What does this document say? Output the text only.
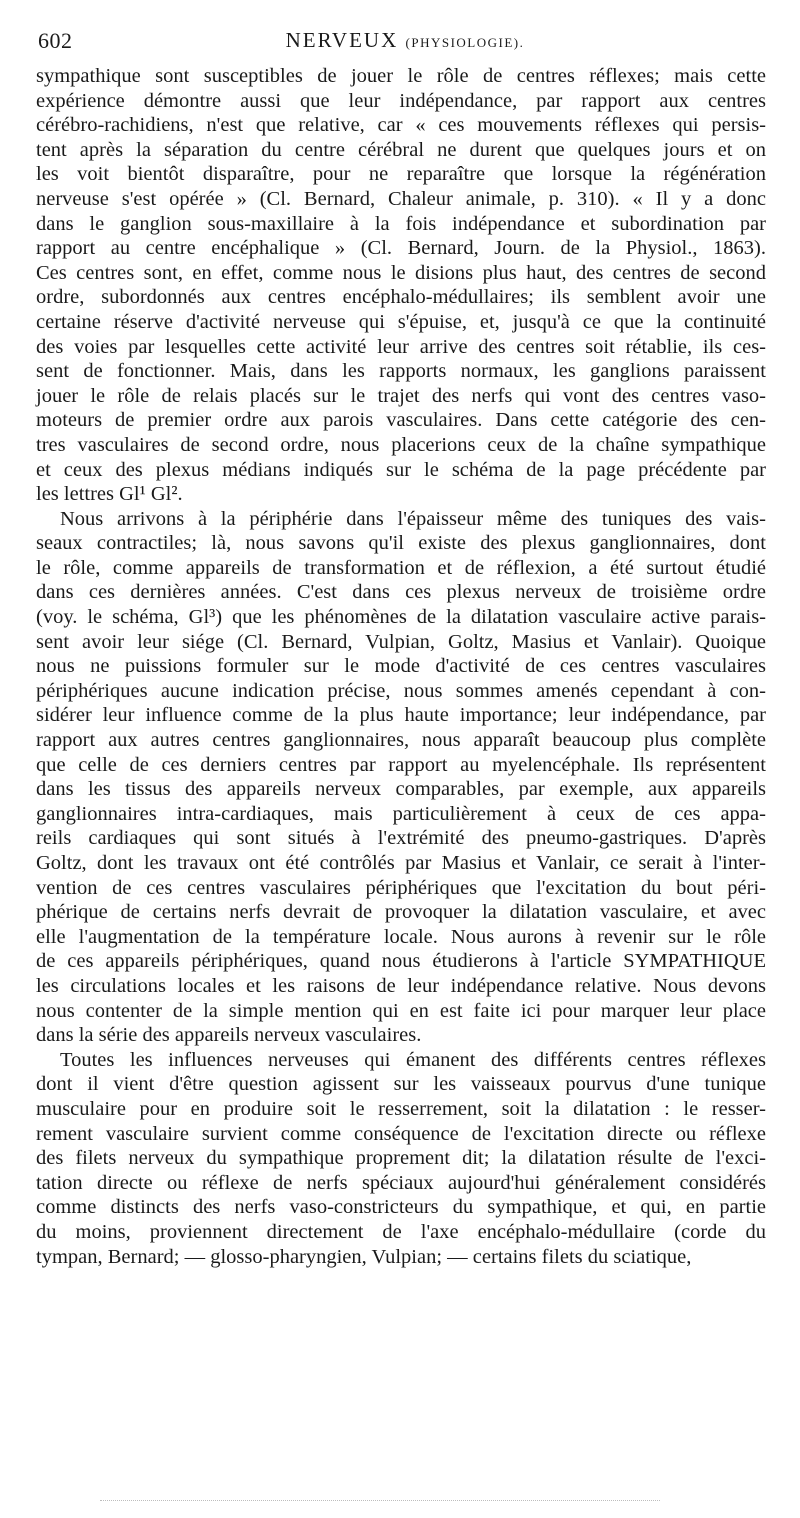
602	NERVEUX (PHYSIOLOGIE).
sympathique sont susceptibles de jouer le rôle de centres réflexes; mais cette
expérience démontre aussi que leur indépendance, par rapport aux centres
cérébro-rachidiens, n'est que relative, car « ces mouvements réflexes qui persis-
tent après la séparation du centre cérébral ne durent que quelques jours et on
les voit bientôt disparaître, pour ne reparaître que lorsque la régénération
nerveuse s'est opérée » (Cl. Bernard, Chaleur animale, p. 310). « Il y a donc
dans le ganglion sous-maxillaire à la fois indépendance et subordination par
rapport au centre encéphalique » (Cl. Bernard, Journ. de la Physiol., 1863).
Ces centres sont, en effet, comme nous le disions plus haut, des centres de second
ordre, subordonnés aux centres encéphalo-médullaires; ils semblent avoir une
certaine réserve d'activité nerveuse qui s'épuise, et, jusqu'à ce que la continuité
des voies par lesquelles cette activité leur arrive des centres soit rétablie, ils ces-
sent de fonctionner. Mais, dans les rapports normaux, les ganglions paraissent
jouer le rôle de relais placés sur le trajet des nerfs qui vont des centres vaso-
moteurs de premier ordre aux parois vasculaires. Dans cette catégorie des cen-
tres vasculaires de second ordre, nous placerions ceux de la chaîne sympathique
et ceux des plexus médians indiqués sur le schéma de la page précédente par
les lettres Gl¹ Gl².
Nous arrivons à la périphérie dans l'épaisseur même des tuniques des vais-
seaux contractiles; là, nous savons qu'il existe des plexus ganglionnaires, dont
le rôle, comme appareils de transformation et de réflexion, a été surtout étudié
dans ces dernières années. C'est dans ces plexus nerveux de troisième ordre
(voy. le schéma, Gl³) que les phénomènes de la dilatation vasculaire active parais-
sent avoir leur siége (Cl. Bernard, Vulpian, Goltz, Masius et Vanlair). Quoique
nous ne puissions formuler sur le mode d'activité de ces centres vasculaires
périphériques aucune indication précise, nous sommes amenés cependant à con-
sidérer leur influence comme de la plus haute importance; leur indépendance, par
rapport aux autres centres ganglionnaires, nous apparaît beaucoup plus complète
que celle de ces derniers centres par rapport au myelencéphale. Ils représentent
dans les tissus des appareils nerveux comparables, par exemple, aux appareils
ganglionnaires intra-cardiaques, mais particulièrement à ceux de ces appa-
reils cardiaques qui sont situés à l'extrémité des pneumo-gastriques. D'après
Goltz, dont les travaux ont été contrôlés par Masius et Vanlair, ce serait à l'inter-
vention de ces centres vasculaires périphériques que l'excitation du bout péri-
phérique de certains nerfs devrait de provoquer la dilatation vasculaire, et avec
elle l'augmentation de la température locale. Nous aurons à revenir sur le rôle
de ces appareils périphériques, quand nous étudierons à l'article SYMPATHIQUE
les circulations locales et les raisons de leur indépendance relative. Nous devons
nous contenter de la simple mention qui en est faite ici pour marquer leur place
dans la série des appareils nerveux vasculaires.
Toutes les influences nerveuses qui émanent des différents centres réflexes
dont il vient d'être question agissent sur les vaisseaux pourvus d'une tunique
musculaire pour en produire soit le resserrement, soit la dilatation : le resser-
rement vasculaire survient comme conséquence de l'excitation directe ou réflexe
des filets nerveux du sympathique proprement dit; la dilatation résulte de l'exci-
tation directe ou réflexe de nerfs spéciaux aujourd'hui généralement considérés
comme distincts des nerfs vaso-constricteurs du sympathique, et qui, en partie
du moins, proviennent directement de l'axe encéphalo-médullaire (corde du
tympan, Bernard; — glosso-pharyngien, Vulpian; — certains filets du sciatique,
